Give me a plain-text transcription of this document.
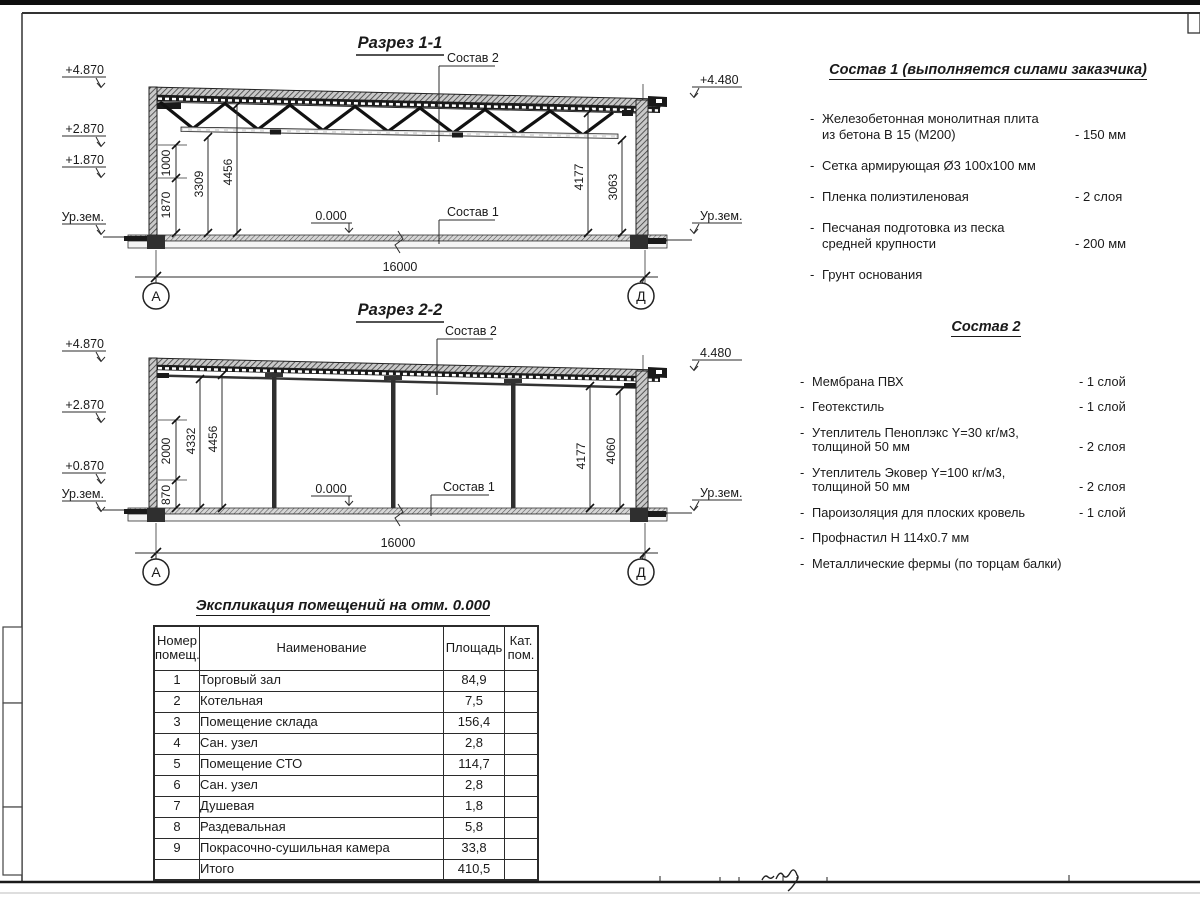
Разрез 1-1
+4.870
+2.870
+1.870
Ур.зем.
+4.480
Ур.зем.
0.000
Состав 2
Состав 1
1870
1000
3309 4456	4177 3063
16000
А	Д
Разрез 2-2
+4.870
+2.870
+0.870
Ур.зем.
4.480
Ур.зем.
0.000
Состав 2
Состав 1
870
2000 4332 4456
4177 4060
16000
А	Д
Состав 1 (выполняется силами заказчика)
- Железобетонная монолитная плита
из бетона В 15 (М200)	- 150 мм
- Сетка армирующая Ø3 100х100 мм
- Пленка полиэтиленовая	- 2 слоя
- Песчаная подготовка из песка
средней крупности	- 200 мм
- Грунт основания
Состав 2
- Мембрана ПВХ	- 1 слой
- Геотекстиль	- 1 слой
- Утеплитель Пеноплэкс Y=30 кг/м3,
толщиной 50 мм	- 2 слоя
- Утеплитель Эковер Y=100 кг/м3,
толщиной 50 мм	- 2 слоя
- Пароизоляция для плоских кровель	- 1 слой
- Профнастил Н 114х0.7 мм
- Металлические фермы (по торцам балки)
Экспликация помещений на отм. 0.000
Номер помещ.	Наименование	Площадь	Кат. пом.
1	Торговый зал	84,9	
2	Котельная	7,5	
3	Помещение склада	156,4	
4	Сан. узел	2,8	
5	Помещение СТО	114,7	
6	Сан. узел	2,8	
7	Душевая	1,8	
8	Раздевальная	5,8	
9	Покрасочно-сушильная камера	33,8	
	Итого	410,5	
